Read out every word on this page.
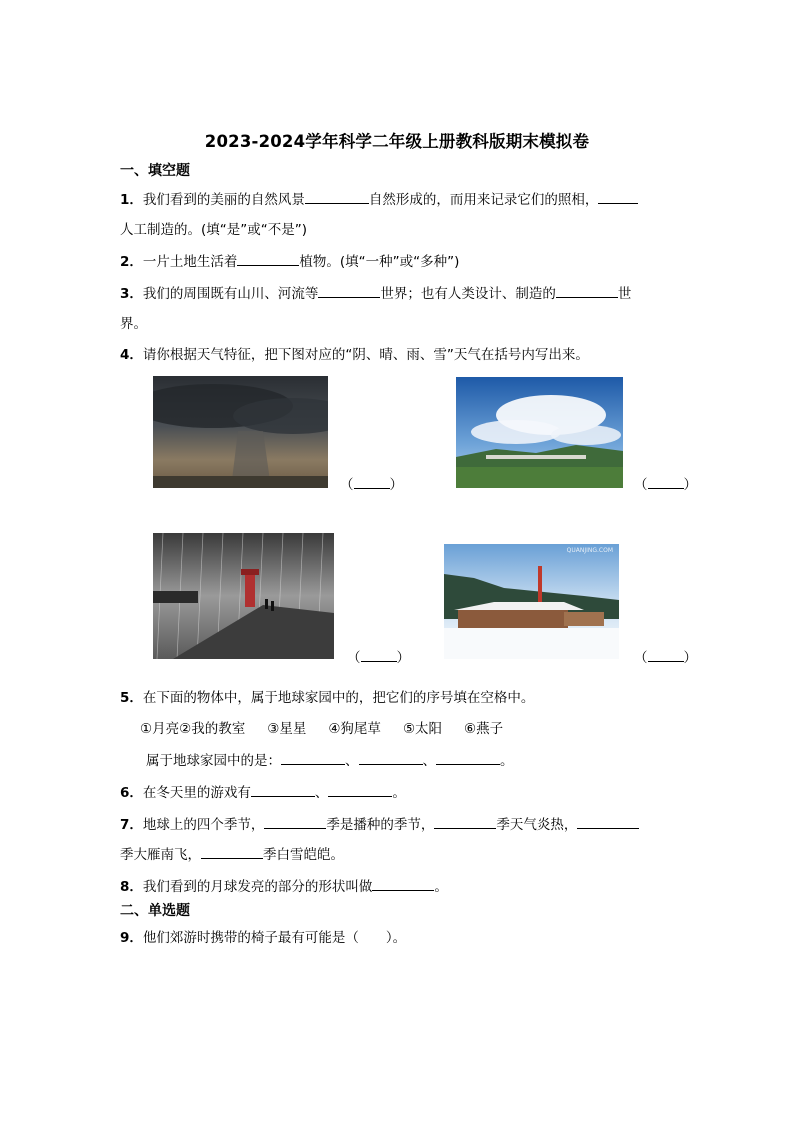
2023-2024学年科学二年级上册教科版期末模拟卷
一、填空题
1．我们看到的美丽的自然风景	自然形成的，而用来记录它们的照相，
人工制造的。(填“是”或“不是”)
2．一片土地生活着	植物。(填“一种”或“多种”)
3．我们的周围既有山川、河流等	世界；也有人类设计、制造的	世
界。
4．请你根据天气特征，把下图对应的“阴、晴、雨、雪”天气在括号内写出来。
（	）	（	）
（	）
QUANJING.COM
（	）
5．在下面的物体中，属于地球家园中的，把它们的序号填在空格中。
①月亮②我的教室 ③星星 ④狗尾草 ⑤太阳 ⑥燕子
属于地球家园中的是：	、	、	。
6．在冬天里的游戏有	、	。
7．地球上的四个季节，	季是播种的季节，	季天气炎热，
季大雁南飞，	季白雪皑皑。
8．我们看到的月球发亮的部分的形状叫做	。
二、单选题
9．他们郊游时携带的椅子最有可能是（　　）。
